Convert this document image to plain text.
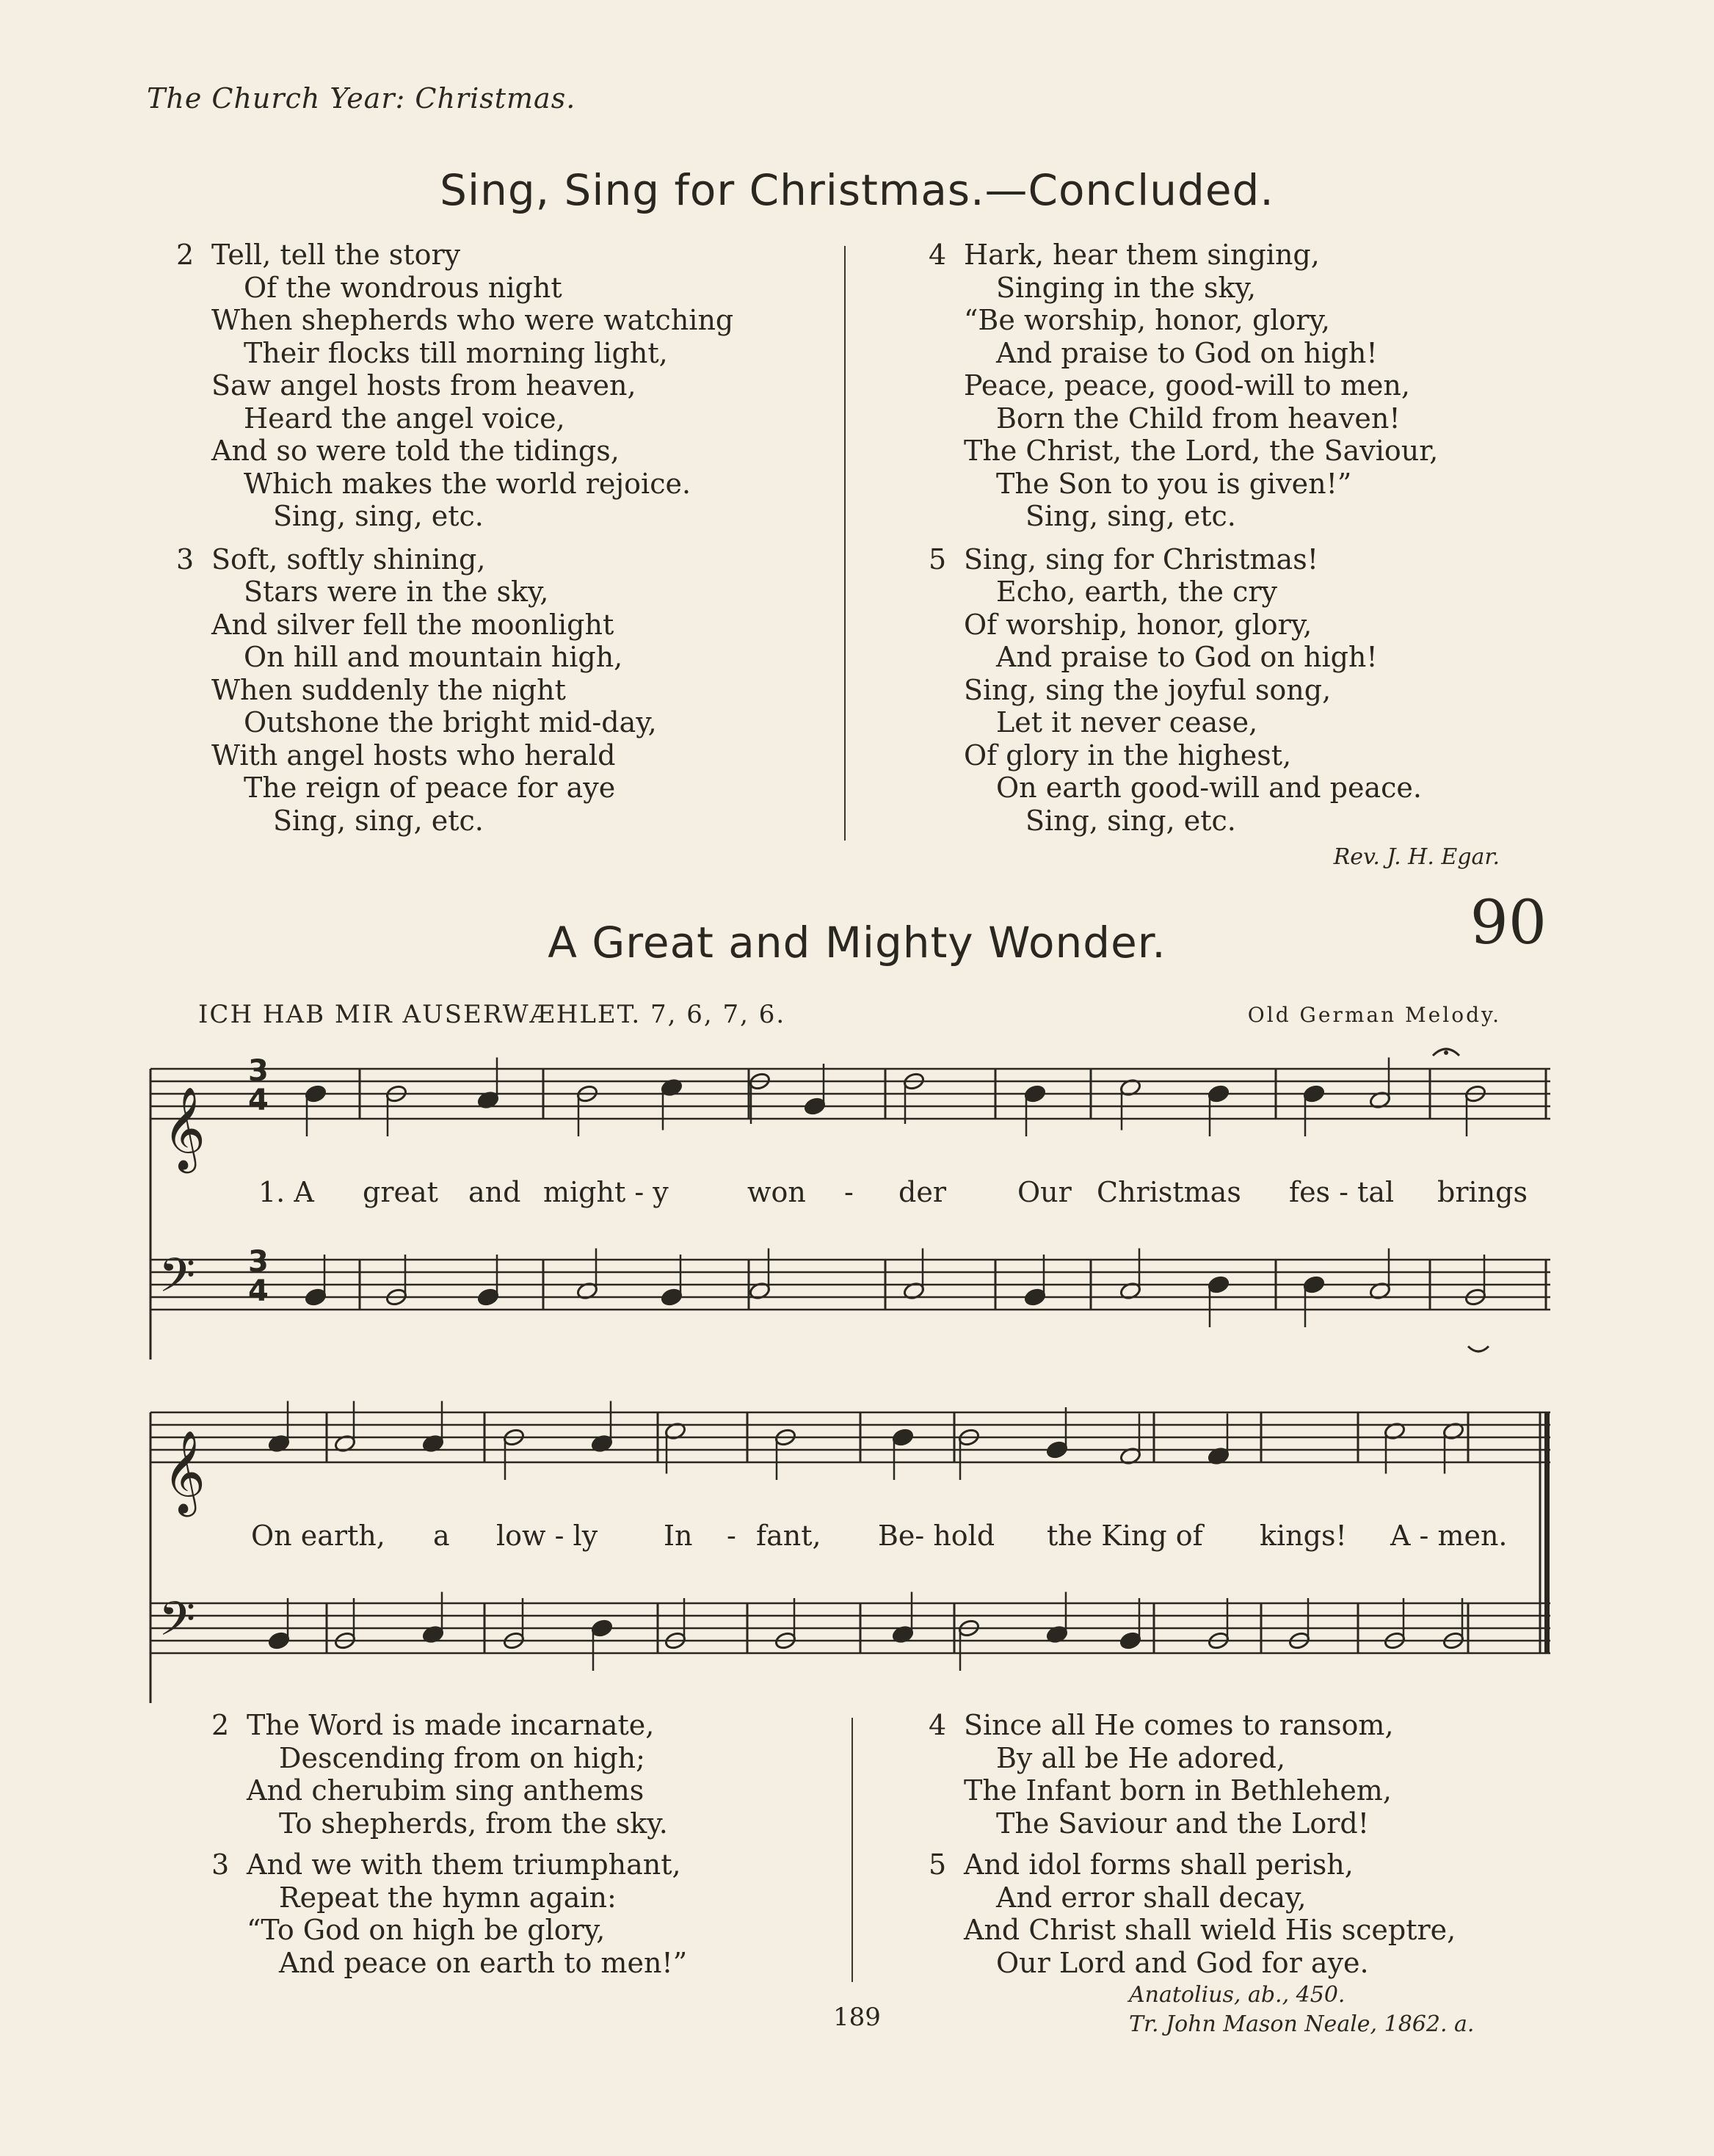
The Church Year: Christmas.
Sing, Sing for Christmas.—Concluded.
2 Tell, tell the story
Of the wondrous night
When shepherds who were watching
Their flocks till morning light,
Saw angel hosts from heaven,
Heard the angel voice,
And so were told the tidings,
Which makes the world rejoice.
Sing, sing, etc.
3 Soft, softly shining,
Stars were in the sky,
And silver fell the moonlight
On hill and mountain high,
When suddenly the night
Outshone the bright mid-day,
With angel hosts who herald
The reign of peace for aye
Sing, sing, etc.
4 Hark, hear them singing,
Singing in the sky,
“Be worship, honor, glory,
And praise to God on high!
Peace, peace, good-will to men,
Born the Child from heaven!
The Christ, the Lord, the Saviour,
The Son to you is given!”
Sing, sing, etc.
5 Sing, sing for Christmas!
Echo, earth, the cry
Of worship, honor, glory,
And praise to God on high!
Sing, sing the joyful song,
Let it never cease,
Of glory in the highest,
On earth good-will and peace.
Sing, sing, etc.
Rev. J. H. Egar.
A Great and Mighty Wonder.	90
ICH HAB MIR AUSERWÆHLET. 7, 6, 7, 6.	Old German Melody.
𝄞
𝄢
𝄞
𝄢
3
4
3
4
1. A great and might - y	won - der	Our Christmas fes - tal brings
On earth, a low - ly In - fant, Be- hold the King of kings! A - men.
2 The Word is made incarnate,
Descending from on high;
And cherubim sing anthems
To shepherds, from the sky.
3 And we with them triumphant,
Repeat the hymn again:
“To God on high be glory,
And peace on earth to men!”
4 Since all He comes to ransom,
By all be He adored,
The Infant born in Bethlehem,
The Saviour and the Lord!
5 And idol forms shall perish,
And error shall decay,
And Christ shall wield His sceptre,
Our Lord and God for aye.
Anatolius, ab., 450.
Tr. John Mason Neale, 1862. a.
189
